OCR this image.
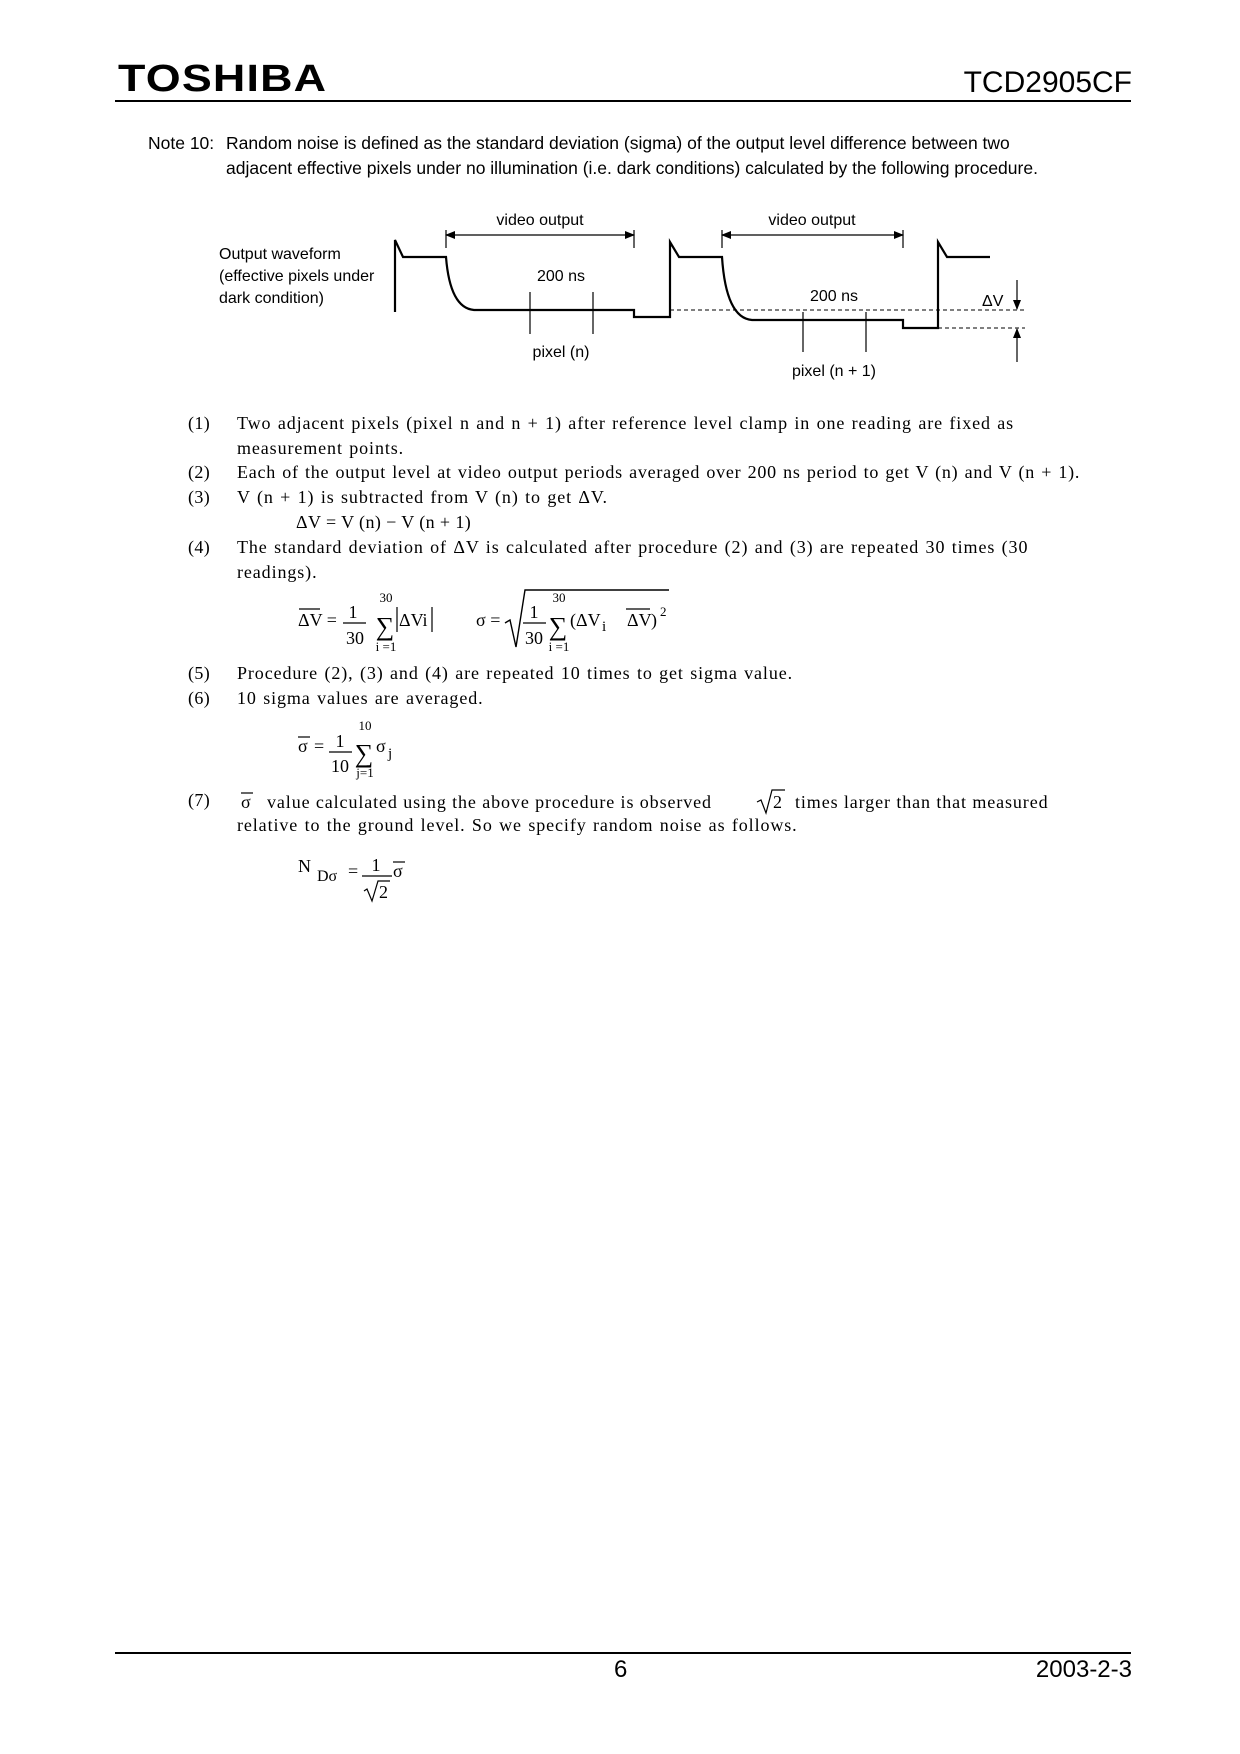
TOSHIBA	TCD2905CF
Note 10: Random noise is defined as the standard deviation (sigma) of the output level difference between two
adjacent effective pixels under no illumination (i.e. dark conditions) calculated by the following procedure.
Output waveform
(effective pixels under
dark condition)
video output	video output
200 ns
pixel (n)
200 ns
pixel (n + 1)
ΔV
(1) Two adjacent pixels (pixel n and n + 1) after reference level clamp in one reading are fixed as
measurement points.
(2) Each of the output level at video output periods averaged over 200 ns period to get V (n) and V (n + 1).
(3) V (n + 1) is subtracted from V (n) to get ΔV.
ΔV = V (n) − V (n + 1)
(4) The standard deviation of ΔV is calculated after procedure (2) and (3) are repeated 30 times (30
readings).
ΔV = 1
30
30
∑
i =1
ΔVi	σ = 1
30
30
∑
i =1
(ΔV i ΔV ) 2
(5) Procedure (2), (3) and (4) are repeated 10 times to get sigma value.
(6) 10 sigma values are averaged.
σ = 1
10
10
∑
j=1
σ j
(7) σ value calculated using the above procedure is observed	2 times larger than that measured
relative to the ground level. So we specify random noise as follows.
N
Dσ = 1
2
σ
6	2003-2-3
